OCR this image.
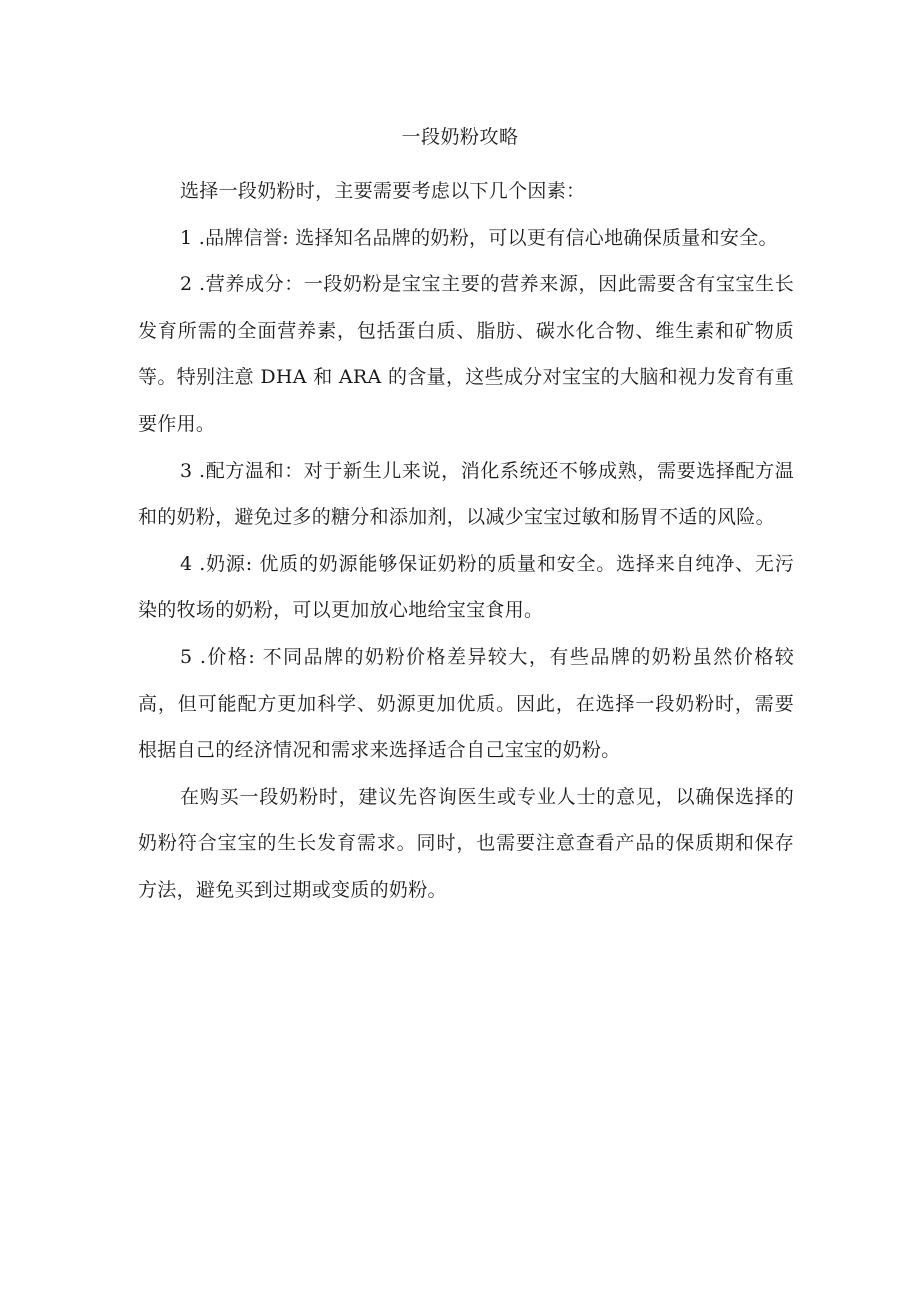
一段奶粉攻略

选择一段奶粉时，主要需要考虑以下几个因素：

1 .品牌信誉: 选择知名品牌的奶粉，可以更有信心地确保质量和安全。

2 .营养成分：一段奶粉是宝宝主要的营养来源，因此需要含有宝宝生长发育所需的全面营养素，包括蛋白质、脂肪、碳水化合物、维生素和矿物质等。特别注意 DHA 和 ARA 的含量，这些成分对宝宝的大脑和视力发育有重要作用。

3 .配方温和：对于新生儿来说，消化系统还不够成熟，需要选择配方温和的奶粉，避免过多的糖分和添加剂，以减少宝宝过敏和肠胃不适的风险。

4 .奶源: 优质的奶源能够保证奶粉的质量和安全。选择来自纯净、无污染的牧场的奶粉，可以更加放心地给宝宝食用。

5 .价格: 不同品牌的奶粉价格差异较大，有些品牌的奶粉虽然价格较高，但可能配方更加科学、奶源更加优质。因此，在选择一段奶粉时，需要根据自己的经济情况和需求来选择适合自己宝宝的奶粉。

在购买一段奶粉时，建议先咨询医生或专业人士的意见，以确保选择的奶粉符合宝宝的生长发育需求。同时，也需要注意查看产品的保质期和保存方法，避免买到过期或变质的奶粉。
